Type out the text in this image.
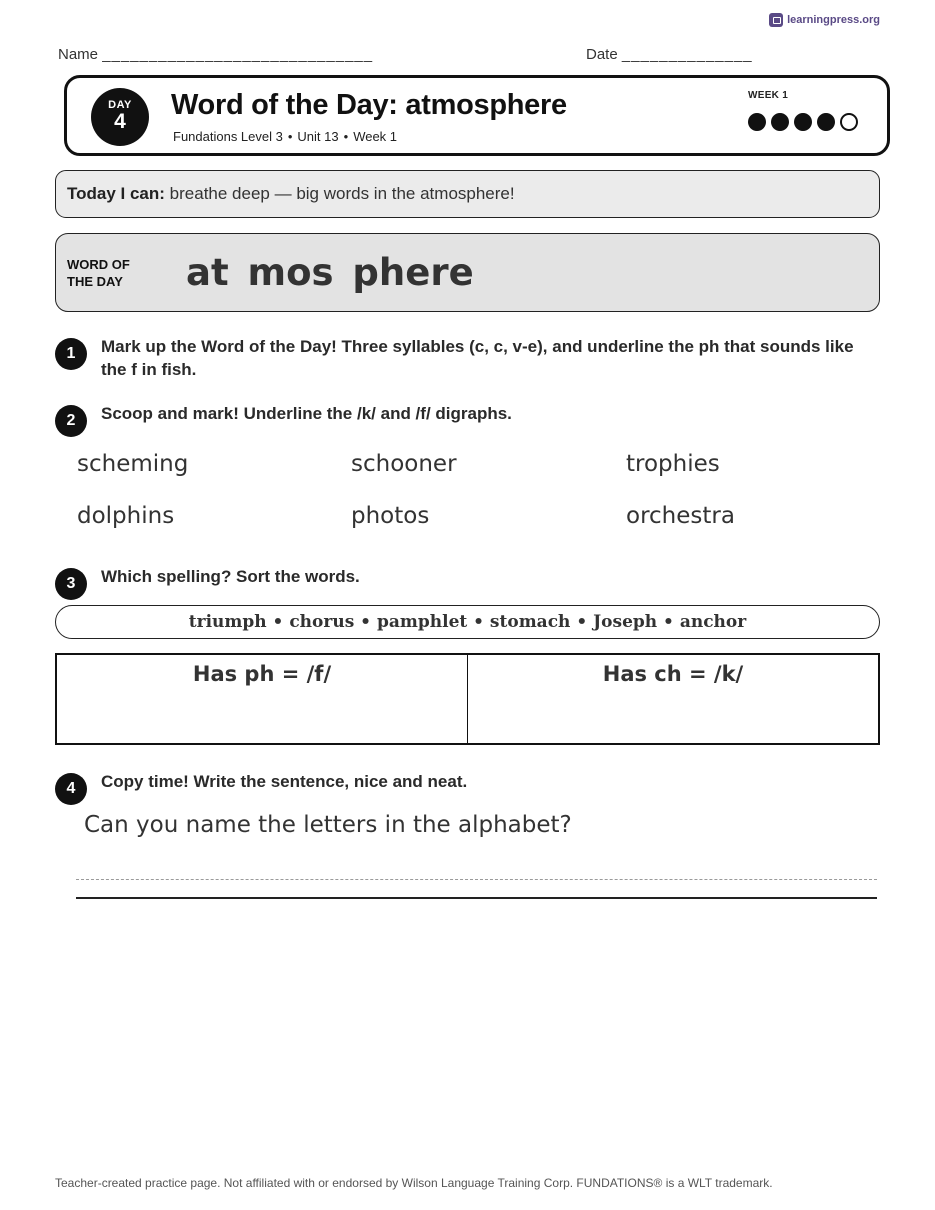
learningpress.org
Name _____________________________	Date ______________
DAY
4
Word of the Day: atmosphere
Fundations Level 3 • Unit 13 • Week 1
WEEK 1
Today I can: breathe deep — big words in the atmosphere!
WORD OF
THE DAY at mos phere
1	Mark up the Word of the Day! Three syllables (c, c, v-e), and underline the ph that sounds like the f in fish.
2	Scoop and mark! Underline the /k/ and /f/ digraphs.
scheming	schooner	trophies
dolphins	photos	orchestra
3	Which spelling? Sort the words.
triumph • chorus • pamphlet • stomach • Joseph • anchor
Has ph = /f/	Has ch = /k/
4	Copy time! Write the sentence, nice and neat.
Can you name the letters in the alphabet?
Teacher-created practice page. Not affiliated with or endorsed by Wilson Language Training Corp. FUNDATIONS® is a WLT trademark.
